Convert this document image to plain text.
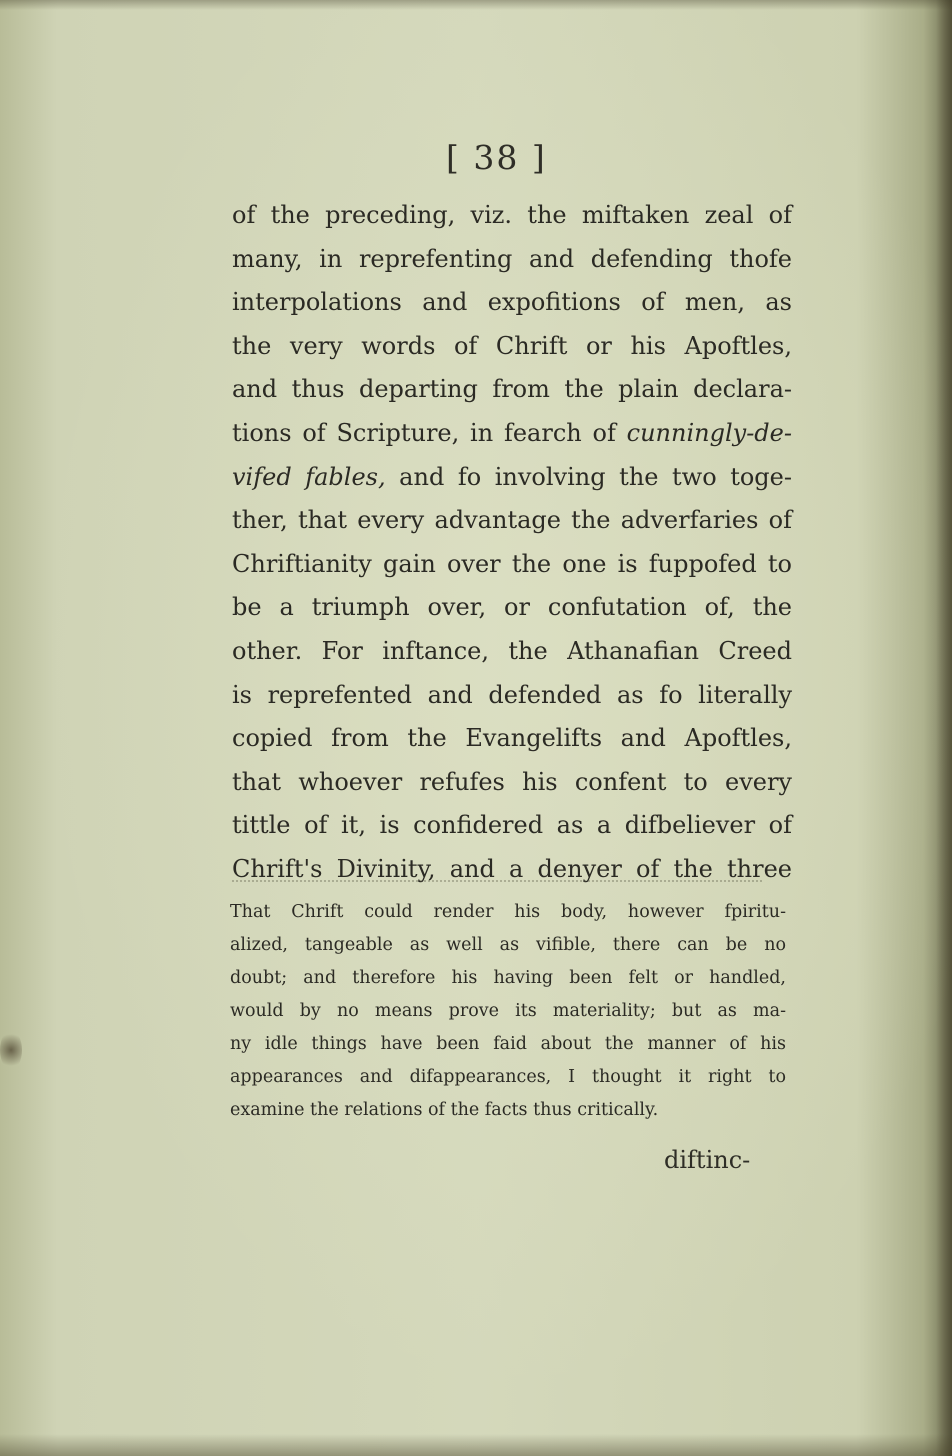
[ 38 ]
of the preceding, viz. the miftaken zeal of
many, in reprefenting and defending thofe
interpolations and expofitions of men, as
the very words of Chrift or his Apoftles,
and thus departing from the plain declara-
tions of Scripture, in fearch of cunningly-de-
vifed fables, and fo involving the two toge-
ther, that every advantage the adverfaries of
Chriftianity gain over the one is fuppofed to
be a triumph over, or confutation of, the
other. For inftance, the Athanafian Creed
is reprefented and defended as fo literally
copied from the Evangelifts and Apoftles,
that whoever refufes his confent to every
tittle of it, is confidered as a difbeliever of
Chrift's Divinity, and a denyer of the three
That Chrift could render his body, however fpiritu-
alized, tangeable as well as vifible, there can be no
doubt; and therefore his having been felt or handled,
would by no means prove its materiality; but as ma-
ny idle things have been faid about the manner of his
appearances and difappearances, I thought it right to
examine the relations of the facts thus critically.
diftinc-
